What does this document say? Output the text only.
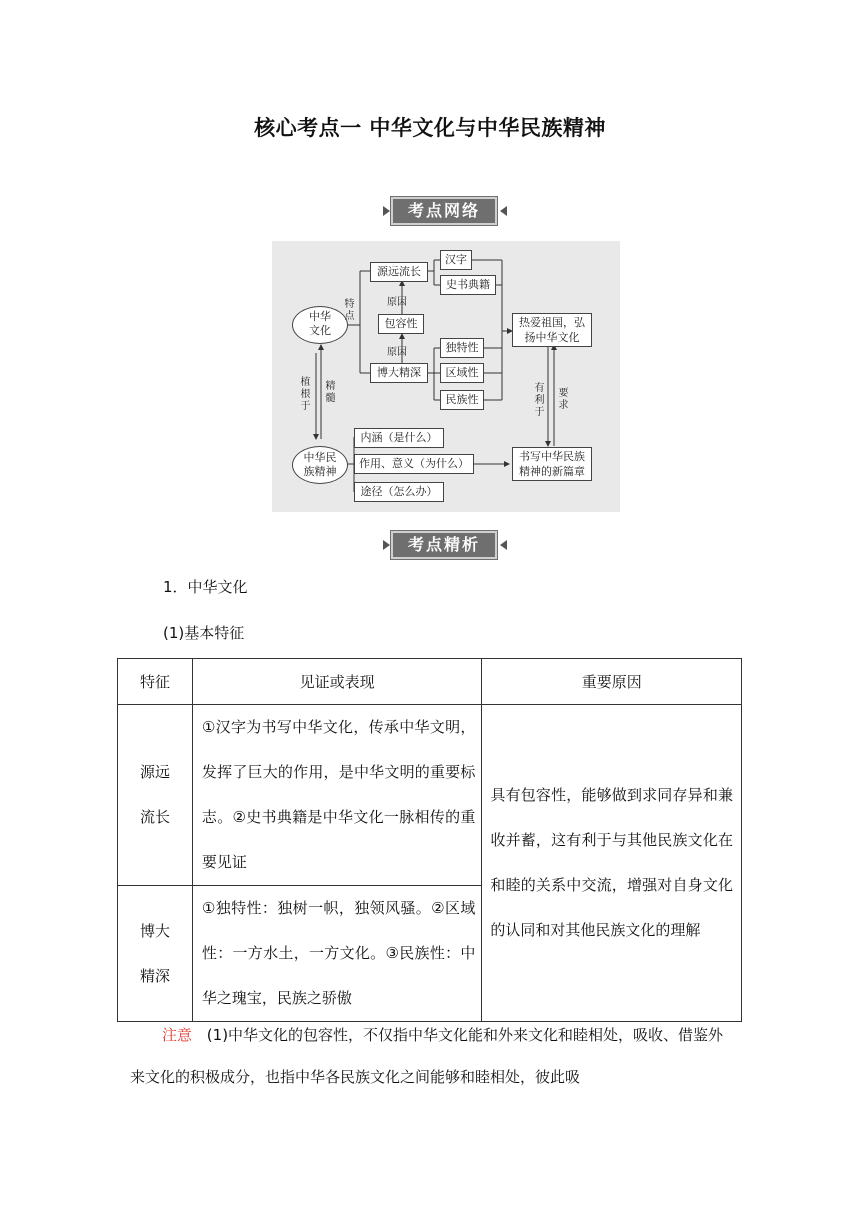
核心考点一 中华文化与中华民族精神
考点网络
中华
文化
中华民
族精神
特
点
源远流长
汉字
史书典籍
原因
包容性
原因
博大精深
独特性
区域性
民族性
热爱祖国，弘
扬中华文化
植
根
于
精
髓
有
利
于
要
求
内涵（是什么）
作用、意义（为什么）
途径（怎么办）
书写中华民族
精神的新篇章
考点精析
1．中华文化
(1)基本特征
特征	见证或表现	重要原因
源远
流长	①汉字为书写中华文化，传承中华文明，发挥了巨大的作用，是中华文明的重要标志。②史书典籍是中华文化一脉相传的重要见证	具有包容性，能够做到求同存异和兼收并蓄，这有利于与其他民族文化在和睦的关系中交流，增强对自身文化的认同和对其他民族文化的理解

博大
精深	①独特性：独树一帜，独领风骚。②区域性：一方水土，一方文化。③民族性：中华之瑰宝，民族之骄傲	
注意 (1)中华文化的包容性，不仅指中华文化能和外来文化和睦相处，吸收、借鉴外来文化的积极成分，也指中华各民族文化之间能够和睦相处，彼此吸
